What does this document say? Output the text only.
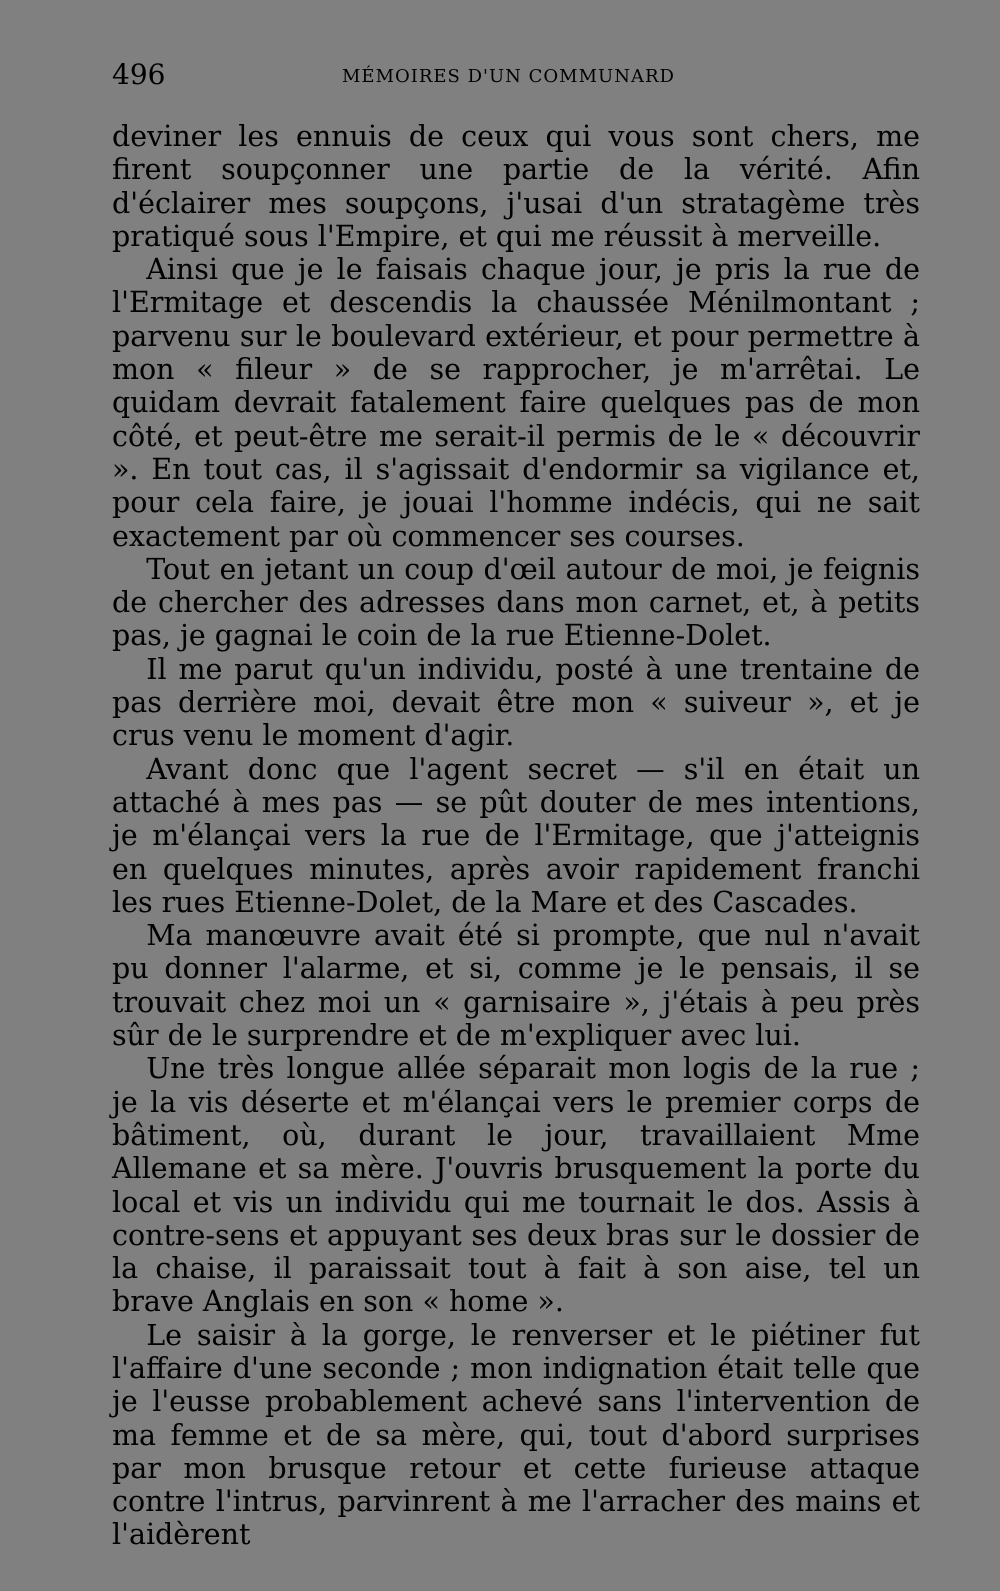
496	MÉMOIRES D'UN COMMUNARD

deviner les ennuis de ceux qui vous sont chers, me firent soupçonner une partie de la vérité. Afin d'éclairer mes soupçons, j'usai d'un stratagème très pratiqué sous l'Empire, et qui me réussit à merveille.

Ainsi que je le faisais chaque jour, je pris la rue de l'Ermitage et descendis la chaussée Ménilmontant ; parvenu sur le boulevard extérieur, et pour permettre à mon « fileur » de se rapprocher, je m'arrêtai. Le quidam devrait fatalement faire quelques pas de mon côté, et peut-être me serait-il permis de le « découvrir ». En tout cas, il s'agissait d'endormir sa vigilance et, pour cela faire, je jouai l'homme indécis, qui ne sait exactement par où commencer ses courses.

Tout en jetant un coup d'œil autour de moi, je feignis de chercher des adresses dans mon carnet, et, à petits pas, je gagnai le coin de la rue Etienne-Dolet.

Il me parut qu'un individu, posté à une trentaine de pas derrière moi, devait être mon « suiveur », et je crus venu le moment d'agir.

Avant donc que l'agent secret — s'il en était un attaché à mes pas — se pût douter de mes intentions, je m'élançai vers la rue de l'Ermitage, que j'atteignis en quelques minutes, après avoir rapidement franchi les rues Etienne-Dolet, de la Mare et des Cascades.

Ma manœuvre avait été si prompte, que nul n'avait pu donner l'alarme, et si, comme je le pensais, il se trouvait chez moi un « garnisaire », j'étais à peu près sûr de le surprendre et de m'expliquer avec lui.

Une très longue allée séparait mon logis de la rue ; je la vis déserte et m'élançai vers le premier corps de bâtiment, où, durant le jour, travaillaient Mme Allemane et sa mère. J'ouvris brusquement la porte du local et vis un individu qui me tournait le dos. Assis à contre-sens et appuyant ses deux bras sur le dossier de la chaise, il paraissait tout à fait à son aise, tel un brave Anglais en son « home ».

Le saisir à la gorge, le renverser et le piétiner fut l'affaire d'une seconde ; mon indignation était telle que je l'eusse probablement achevé sans l'intervention de ma femme et de sa mère, qui, tout d'abord surprises par mon brusque retour et cette furieuse attaque contre l'intrus, parvinrent à me l'arracher des mains et l'aidèrent
